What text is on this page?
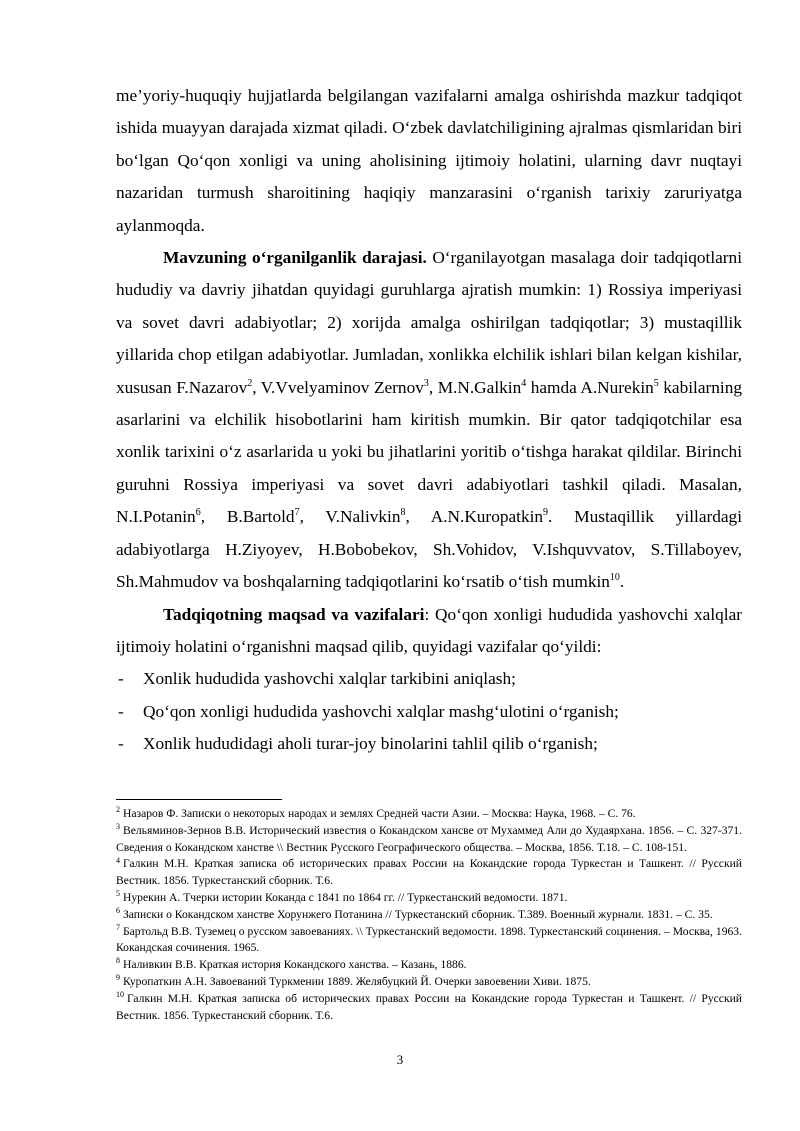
me’yoriy-huquqiy hujjatlarda belgilangan vazifalarni amalga oshirishda mazkur tadqiqot ishida muayyan darajada xizmat qiladi. O‘zbek davlatchiligining ajralmas qismlaridan biri bo‘lgan Qo‘qon xonligi va uning aholisining ijtimoiy holatini, ularning davr nuqtayi nazaridan turmush sharoitining haqiqiy manzarasini o‘rganish tarixiy zaruriyatga aylanmoqda.

Mavzuning o‘rganilganlik darajasi. O‘rganilayotgan masalaga doir tadqiqotlarni hududiy va davriy jihatdan quyidagi guruhlarga ajratish mumkin: 1) Rossiya imperiyasi va sovet davri adabiyotlar; 2) xorijda amalga oshirilgan tadqiqotlar; 3) mustaqillik yillarida chop etilgan adabiyotlar. Jumladan, xonlikka elchilik ishlari bilan kelgan kishilar, xususan F.Nazarov$^2$, V.Vvelyaminov Zernov$^3$, M.N.Galkin$^4$ hamda A.Nurekin$^5$ kabilarning asarlarini va elchilik hisobotlarini ham kiritish mumkin. Bir qator tadqiqotchilar esa xonlik tarixini o‘z asarlarida u yoki bu jihatlarini yoritib o‘tishga harakat qildilar. Birinchi guruhni Rossiya imperiyasi va sovet davri adabiyotlari tashkil qiladi. Masalan, N.I.Potanin$^6$, B.Bartold$^7$, V.Nalivkin$^8$, A.N.Kuropatkin$^9$. Mustaqillik yillardagi adabiyotlarga H.Ziyoyev, H.Bobobekov, Sh.Vohidov, V.Ishquvvatov, S.Tillaboyev, Sh.Mahmudov va boshqalarning tadqiqotlarini ko‘rsatib o‘tish mumkin$^{10}$.

Tadqiqotning maqsad va vazifalari: Qo‘qon xonligi hududida yashovchi xalqlar ijtimoiy holatini o‘rganishni maqsad qilib, quyidagi vazifalar qo‘yildi:

- Xonlik hududida yashovchi xalqlar tarkibini aniqlash;
- Qo‘qon xonligi hududida yashovchi xalqlar mashg‘ulotini o‘rganish;
- Xonlik hududidagi aholi turar-joy binolarini tahlil qilib o‘rganish;

$^2$ Назаров Ф. Записки о некоторых народах и землях Средней части Азии. – Москва: Наука, 1968. – С. 76.

$^3$ Вельяминов-Зернов В.В. Исторический известия о Кокандском хансве от Мухаммед Али до Худаярхана. 1856. – С. 327-371. Сведения о Кокандском ханстве \\ Вестник Русского Географического общества. – Москва, 1856. Т.18. – С. 108-151.

$^4$ Галкин М.Н. Краткая записка об исторических правах России на Кокандские города Туркестан и Ташкент. // Русский Вестник. 1856. Туркестанский сборник. Т.6.

$^5$ Нурекин А. Тчерки истории Коканда с 1841 по 1864 гг. // Туркестанский ведомости. 1871.

$^6$ Записки о Кокандском ханстве Хорунжего Потанина // Туркестанский сборник. Т.389. Военный журнали. 1831. – С. 35.

$^7$ Бартольд В.В. Туземец о русском завоеваниях. \\ Туркестанский ведомости. 1898. Туркестанский социнения. – Москва, 1963. Кокандская сочинения. 1965.

$^8$ Наливкин В.В. Краткая история Кокандского ханства. – Казань, 1886.

$^9$ Куропаткин А.Н. Завоеваний Туркмении 1889. Желябуцкий Й. Очерки завоевении Хиви. 1875.

$^{10}$ Галкин М.Н. Краткая записка об исторических правах России на Кокандские города Туркестан и Ташкент. // Русский Вестник. 1856. Туркестанский сборник. Т.6.

3
